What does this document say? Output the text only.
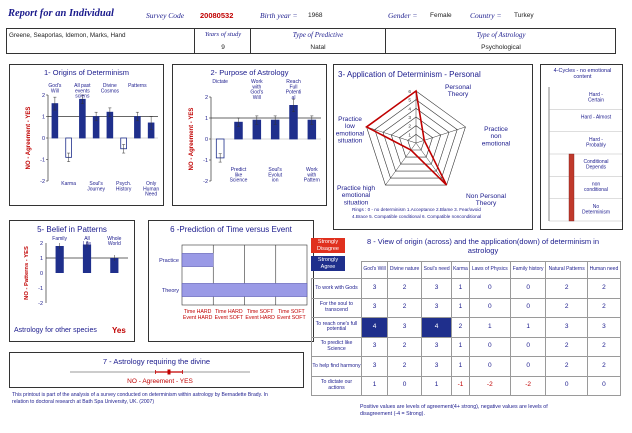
Report for an Individual	Survey Code 20080532	Birth year = 1968	Gender = Female Country = Turkey
Greene, Seaporlas, Idemon, Marks, Hand	Years of study
9
Type of Predictive
Natal
Type of Astrology
Psychological
1- Origins of Determinism
NO - Agreement - YES
2
1
0
-1
-2
God's
Will
Karma
All past
events
sciens
Soul's
Journey
Divine
Cosmos
Psych.
History
Patterns
Only
Human
Need
2- Purpose of Astrology
NO - Agreement - YES
2
1
0
-1
-2
Dictate
Predict
like
Science
Work
with
God's
Will
Soul's
Evolut
ion
Reach
Full
Potenti
al
Work
with
Pattern
3- Application of Determinism - Personal
1
2
3
4
5
6
Personal
Theory
Practice
non
emotional
Non Personal
Theory
Practice high
emotional
situation
Practice
low
emotional
situation
Rings : 0 - no determinism 1.Acceptance 2.Blame 3. Fear/avoid
4.Brace 5. Compatible conditional 6. Compatible nonconditional
4-Cycles - no emotional content
Hard -
Certain
Hard - Almost
Hard -
Probably
Conditional
Depends
non
conditional
No
Determinism
5- Belief in Patterns
Astrology for other species Yes
NO - Patterns - YES
2
1
0
-1
-2
Family	All
Life
Whole
World
6 -Prediction of Time versus Event
Practice
Theory
Time HARD
Event HARD
Time HARD
Event SOFT
Time SOFT
Event HARD
Time SOFT
Event SOFT
7 - Astrology requiring the divine
NO - Agreement - YES
Strongly Disagree
Strongly Agree
8 - View of origin (across) and the application(down) of determinism in astrology
	God's Will	Divine nature	Soul's need	Karma	Laws of Physics	Family history	Natural Patterns	Human need
To work with Gods	3	2	3	1	0	0	2	2
For the soul to transcend	3	2	3	1	0	0	2	2
To reach one's full potential	4	3	4	2	1	1	3	3
To predict like Science	3	2	3	1	0	0	2	2
To help find harmony	3	2	3	1	0	0	2	2
To dictate our actions	1	0	1	-1	-2	-2	0	0
Positive values are levels of agreement(4+ strong), negative values are levels of
disagreement (-4 = Strong).
This printout is part of the analysis of a survey conducted on determinism within astrology by Bernadette Brady. In
relation to doctoral research at Bath Spa University, UK. (2007)
